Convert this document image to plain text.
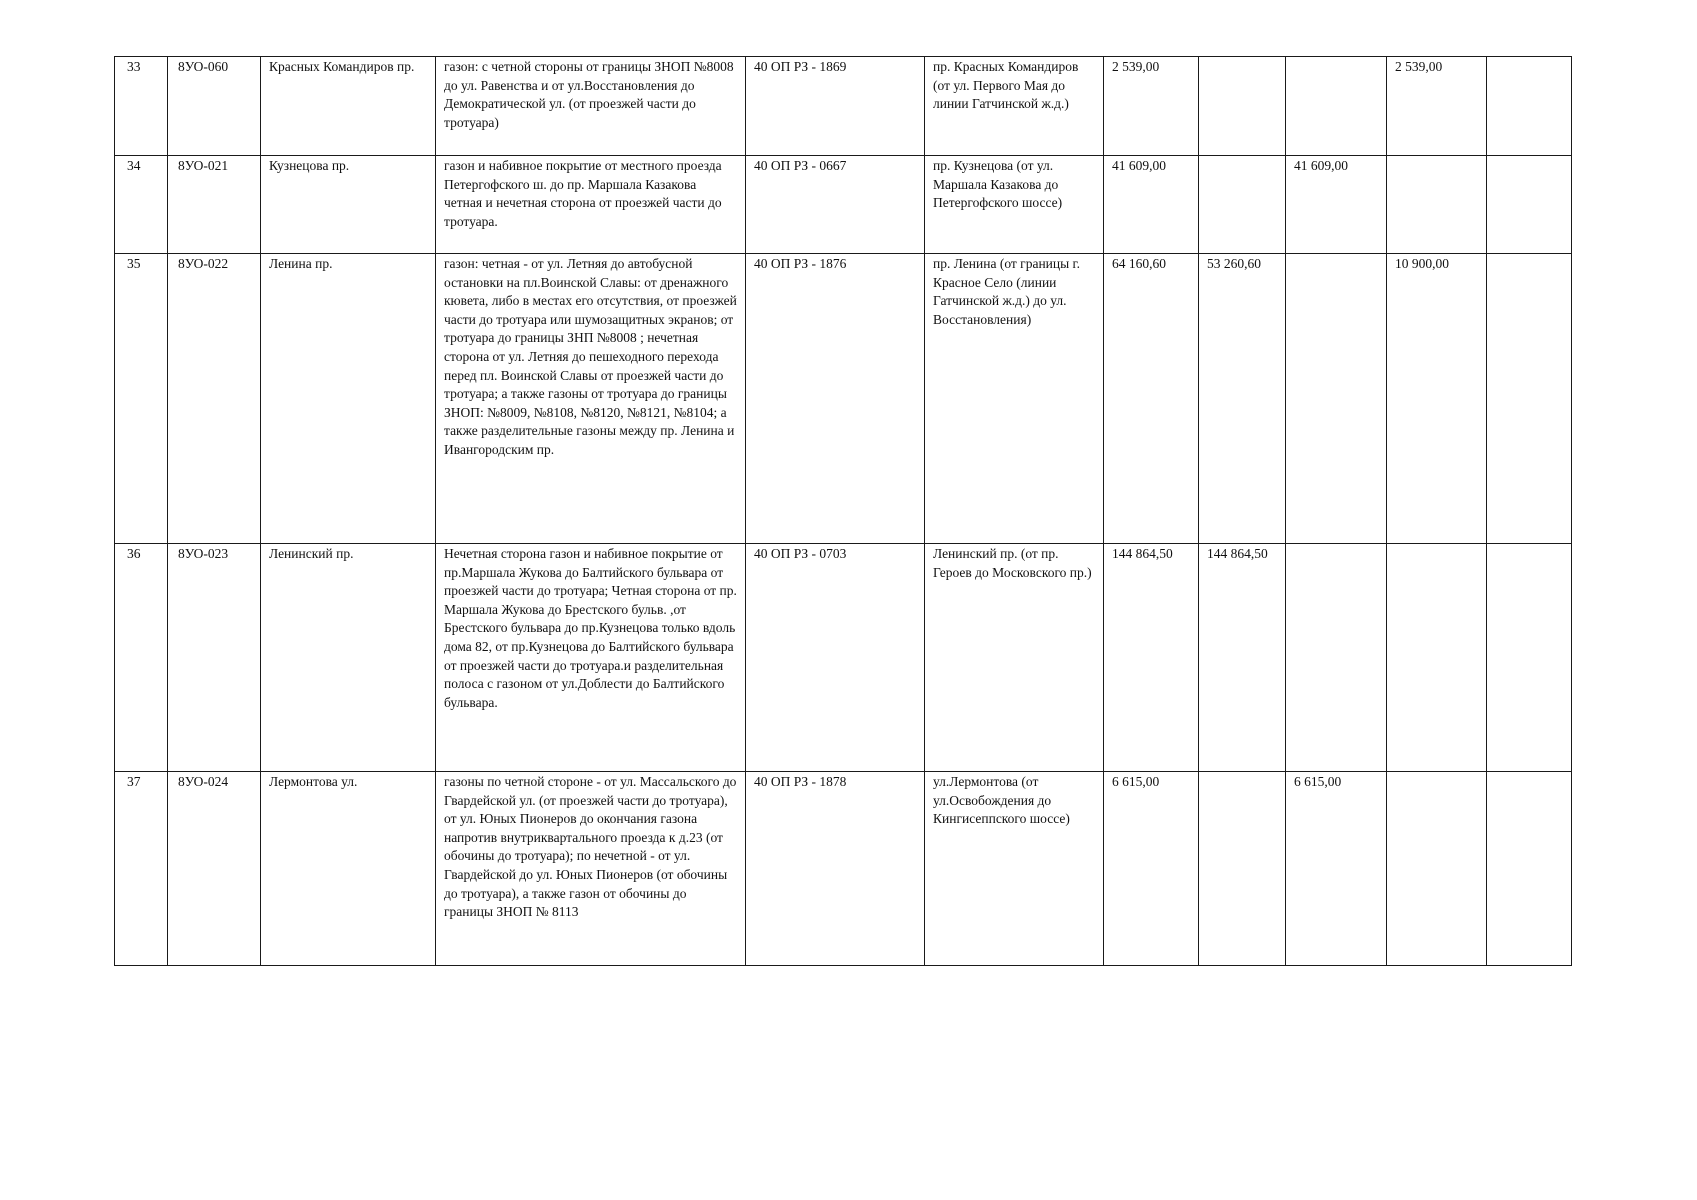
33	8УО-060	Красных Командиров пр.	газон: с четной стороны от границы ЗНОП №8008 до ул. Равенства и от ул.Восстановления до Демократической ул. (от проезжей части до тротуара)	40 ОП РЗ - 1869	пр. Красных Командиров (от ул. Первого Мая до линии Гатчинской ж.д.)	2 539,00			2 539,00	
34	8УО-021	Кузнецова пр.	газон и набивное покрытие от местного проезда Петергофского ш. до пр. Маршала Казакова четная и нечетная сторона от проезжей части до тротуара.	40 ОП РЗ - 0667	пр. Кузнецова (от ул. Маршала Казакова до Петергофского шоссе)	41 609,00		41 609,00		
35	8УО-022	Ленина пр.	газон: четная - от ул. Летняя до автобусной остановки на пл.Воинской Славы: от дренажного кювета, либо в местах его отсутствия, от проезжей части до тротуара или шумозащитных экранов; от тротуара до границы ЗНП №8008 ; нечетная сторона от ул. Летняя до пешеходного перехода перед пл. Воинской Славы от проезжей части до тротуара; а также газоны от тротуара до границы ЗНОП: №8009, №8108, №8120, №8121, №8104; а также разделительные газоны между пр. Ленина и Ивангородским пр.	40 ОП РЗ - 1876	пр. Ленина (от границы г. Красное Село (линии Гатчинской ж.д.) до ул. Восстановления)	64 160,60	53 260,60		10 900,00	
36	8УО-023	Ленинский пр.	Нечетная сторона газон и набивное покрытие от пр.Маршала Жукова до Балтийского бульвара от проезжей части до тротуара; Четная сторона от пр. Маршала Жукова до Брестского бульв. ,от Брестского бульвара до пр.Кузнецова только вдоль дома 82, от пр.Кузнецова до Балтийского бульвара от проезжей части до тротуара.и разделительная полоса с газоном от ул.Доблести до Балтийского бульвара.	40 ОП РЗ - 0703	Ленинский пр. (от пр. Героев до Московского пр.)	144 864,50	144 864,50			
37	8УО-024	Лермонтова ул.	газоны по четной стороне - от ул. Массальского до Гвардейской ул. (от проезжей части до тротуара), от ул. Юных Пионеров до окончания газона напротив внутриквартального проезда к д.23 (от обочины до тротуара); по нечетной - от ул. Гвардейской до ул. Юных Пионеров (от обочины до тротуара), а также газон от обочины до границы ЗНОП № 8113	40 ОП РЗ - 1878	ул.Лермонтова (от ул.Освобождения до Кингисеппского шоссе)	6 615,00		6 615,00		
